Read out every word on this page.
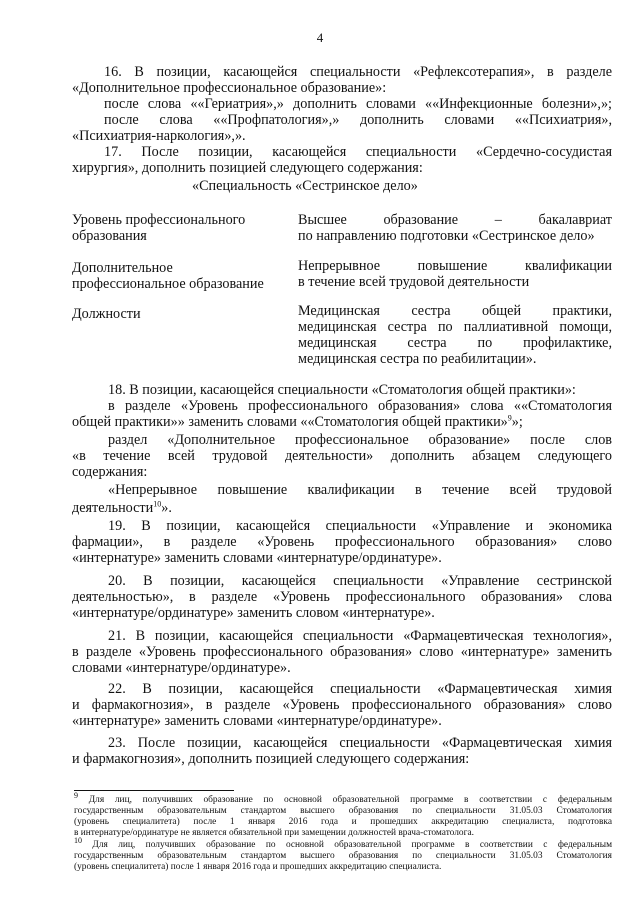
4
16. В позиции, касающейся специальности «Рефлексотерапия», в разделе
«Дополнительное профессиональное образование»:
после слова ««Гериатрия»,» дополнить словами ««Инфекционные болезни»,»;
после слова ««Профпатология»,» дополнить словами ««Психиатрия»,
«Психиатрия-наркология»,».
17. После позиции, касающейся специальности «Сердечно-сосудистая
хирургия», дополнить позицией следующего содержания:
«Специальность «Сестринское дело»
Уровень профессионального
образования
Высшее образование – бакалавриат
по направлению подготовки «Сестринское дело»
Дополнительное
профессиональное образование
Непрерывное повышение квалификации
в течение всей трудовой деятельности
Должности	Медицинская сестра общей практики,
медицинская сестра по паллиативной помощи,
медицинская сестра по профилактике,
медицинская сестра по реабилитации».
18. В позиции, касающейся специальности «Стоматология общей практики»:
в разделе «Уровень профессионального образования» слова ««Стоматология
общей практики»» заменить словами ««Стоматология общей практики»$^9$»;
раздел «Дополнительное профессиональное образование» после слов
«в течение всей трудовой деятельности» дополнить абзацем следующего
содержания:
«Непрерывное повышение квалификации в течение всей трудовой
деятельности$^{10}$».
19. В позиции, касающейся специальности «Управление и экономика
фармации», в разделе «Уровень профессионального образования» слово
«интернатуре» заменить словами «интернатуре/ординатуре».
20. В позиции, касающейся специальности «Управление сестринской
деятельностью», в разделе «Уровень профессионального образования» слова
«интернатуре/ординатуре» заменить словом «интернатуре».
21. В позиции, касающейся специальности «Фармацевтическая технология»,
в разделе «Уровень профессионального образования» слово «интернатуре» заменить
словами «интернатуре/ординатуре».
22. В позиции, касающейся специальности «Фармацевтическая химия
и фармакогнозия», в разделе «Уровень профессионального образования» слово
«интернатуре» заменить словами «интернатуре/ординатуре».
23. После позиции, касающейся специальности «Фармацевтическая химия
и фармакогнозия», дополнить позицией следующего содержания:
$^9$ Для лиц, получивших образование по основной образовательной программе в соответствии с федеральным
государственным образовательным стандартом высшего образования по специальности 31.05.03 Стоматология
(уровень специалитета) после 1 января 2016 года и прошедших аккредитацию специалиста, подготовка
в интернатуре/ординатуре не является обязательной при замещении должностей врача-стоматолога.
$^{10}$ Для лиц, получивших образование по основной образовательной программе в соответствии с федеральным
государственным образовательным стандартом высшего образования по специальности 31.05.03 Стоматология
(уровень специалитета) после 1 января 2016 года и прошедших аккредитацию специалиста.
